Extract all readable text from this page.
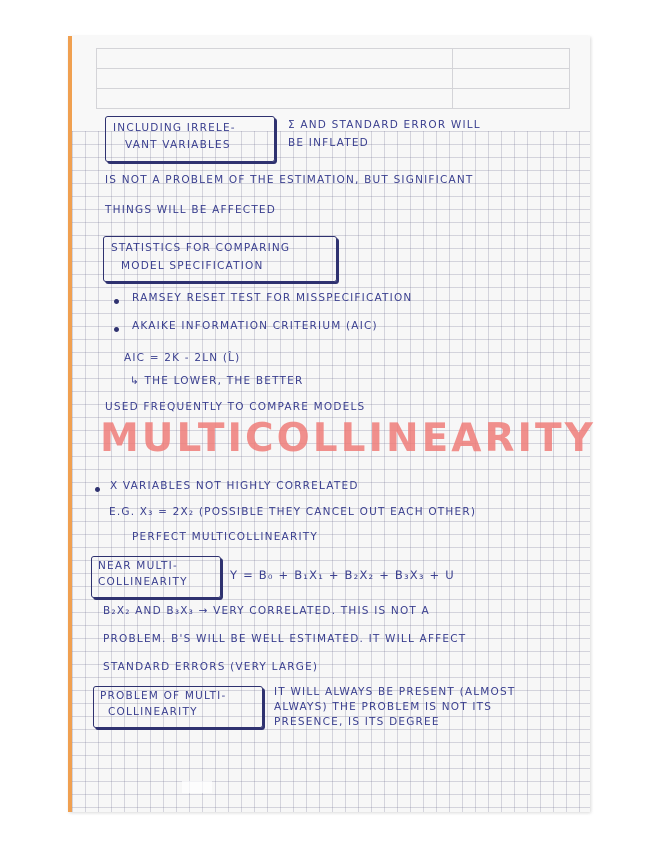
INCLUDING IRRELE-
VANT VARIABLES
Σ AND STANDARD ERROR WILL
BE INFLATED
IS NOT A PROBLEM OF THE ESTIMATION, BUT SIGNIFICANT
THINGS WILL BE AFFECTED
STATISTICS FOR COMPARING
MODEL SPECIFICATION
RAMSEY RESET TEST FOR MISSPECIFICATION
AKAIKE INFORMATION CRITERIUM (AIC)
AIC = 2K - 2LN (L̂)
↳ THE LOWER, THE BETTER
USED FREQUENTLY TO COMPARE MODELS
MULTICOLLINEARITY
X VARIABLES NOT HIGHLY CORRELATED
E.G. X₃ = 2X₂ (POSSIBLE THEY CANCEL OUT EACH OTHER)
PERFECT MULTICOLLINEARITY
NEAR MULTI-
COLLINEARITY	Y = Β₀ + Β₁X₁ + Β₂X₂ + Β₃X₃ + U
Β₂X₂ AND Β₃X₃ → VERY CORRELATED. THIS IS NOT A
PROBLEM. Β'S WILL BE WELL ESTIMATED. IT WILL AFFECT
STANDARD ERRORS (VERY LARGE)
PROBLEM OF MULTI-
COLLINEARITY
IT WILL ALWAYS BE PRESENT (ALMOST
ALWAYS) THE PROBLEM IS NOT ITS
PRESENCE, IS ITS DEGREE
